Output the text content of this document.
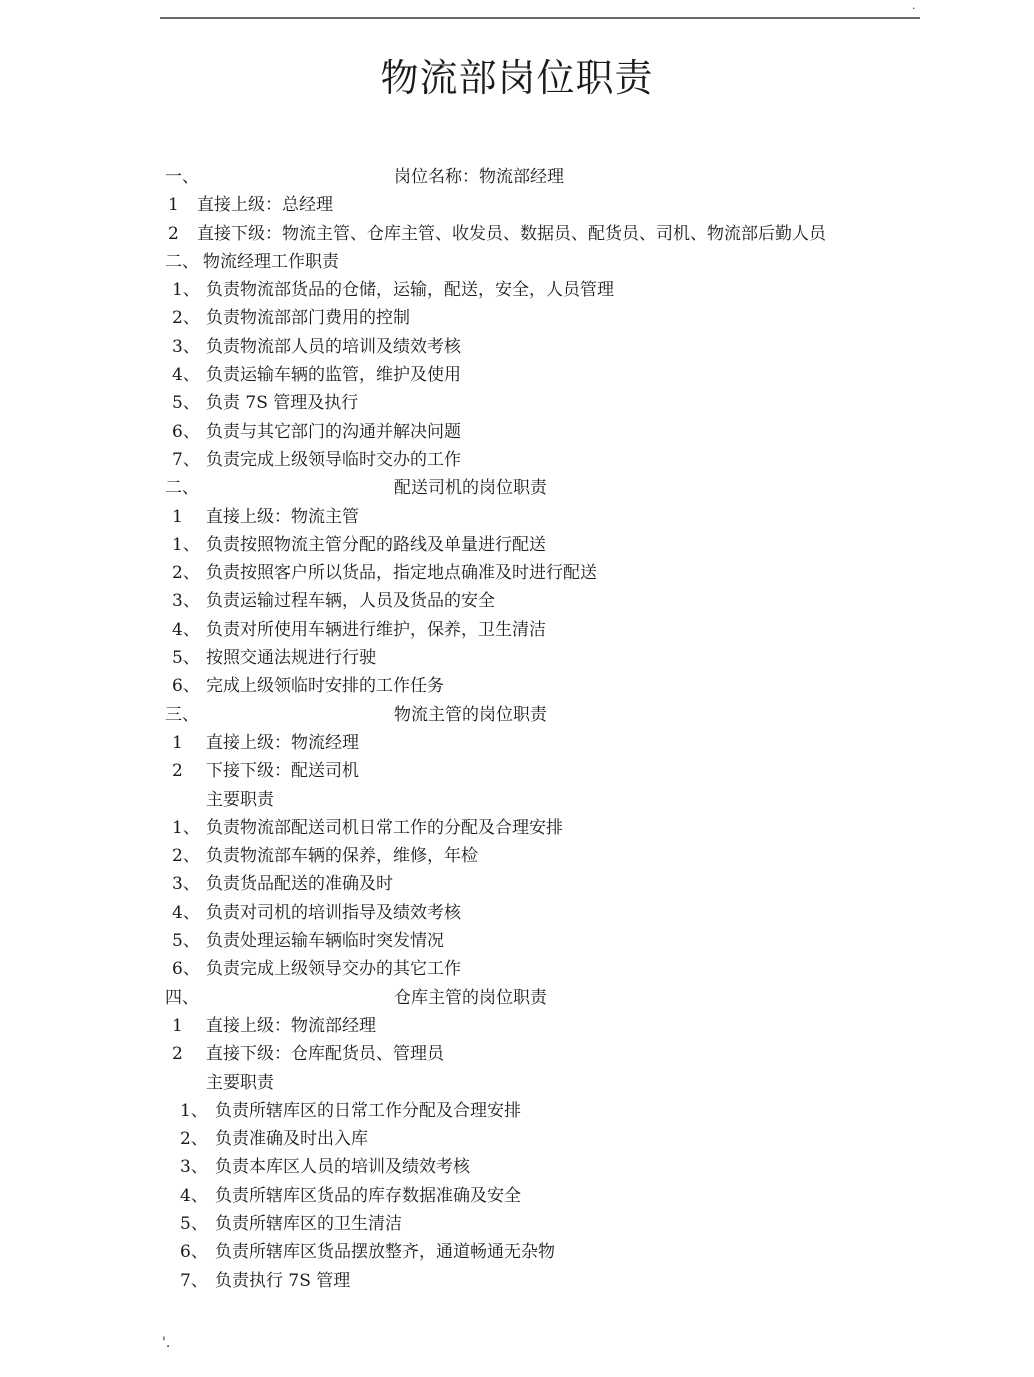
·
物流部岗位职责
一、	岗位名称：物流部经理
1 直接上级：总经理
2 直接下级：物流主管、仓库主管、收发员、数据员、配货员、司机、物流部后勤人员
二、 物流经理工作职责
1、 负责物流部货品的仓储，运输，配送，安全，人员管理
2、 负责物流部部门费用的控制
3、 负责物流部人员的培训及绩效考核
4、 负责运输车辆的监管，维护及使用
5、 负责 7S 管理及执行
6、 负责与其它部门的沟通并解决问题
7、 负责完成上级领导临时交办的工作
二、	配送司机的岗位职责
1 直接上级：物流主管
1、 负责按照物流主管分配的路线及单量进行配送
2、 负责按照客户所以货品，指定地点确准及时进行配送
3、 负责运输过程车辆，人员及货品的安全
4、 负责对所使用车辆进行维护，保养，卫生清洁
5、 按照交通法规进行行驶
6、 完成上级领临时安排的工作任务
三、	物流主管的岗位职责
1 直接上级：物流经理
2 下接下级：配送司机
主要职责
1、 负责物流部配送司机日常工作的分配及合理安排
2、 负责物流部车辆的保养，维修，年检
3、 负责货品配送的准确及时
4、 负责对司机的培训指导及绩效考核
5、 负责处理运输车辆临时突发情况
6、 负责完成上级领导交办的其它工作
四、	仓库主管的岗位职责
1 直接上级：物流部经理
2 直接下级：仓库配货员、管理员
主要职责
1、 负责所辖库区的日常工作分配及合理安排
2、 负责准确及时出入库
3、 负责本库区人员的培训及绩效考核
4、 负责所辖库区货品的库存数据准确及安全
5、 负责所辖库区的卫生清洁
6、 负责所辖库区货品摆放整齐，通道畅通无杂物
7、 负责执行 7S 管理
'.
